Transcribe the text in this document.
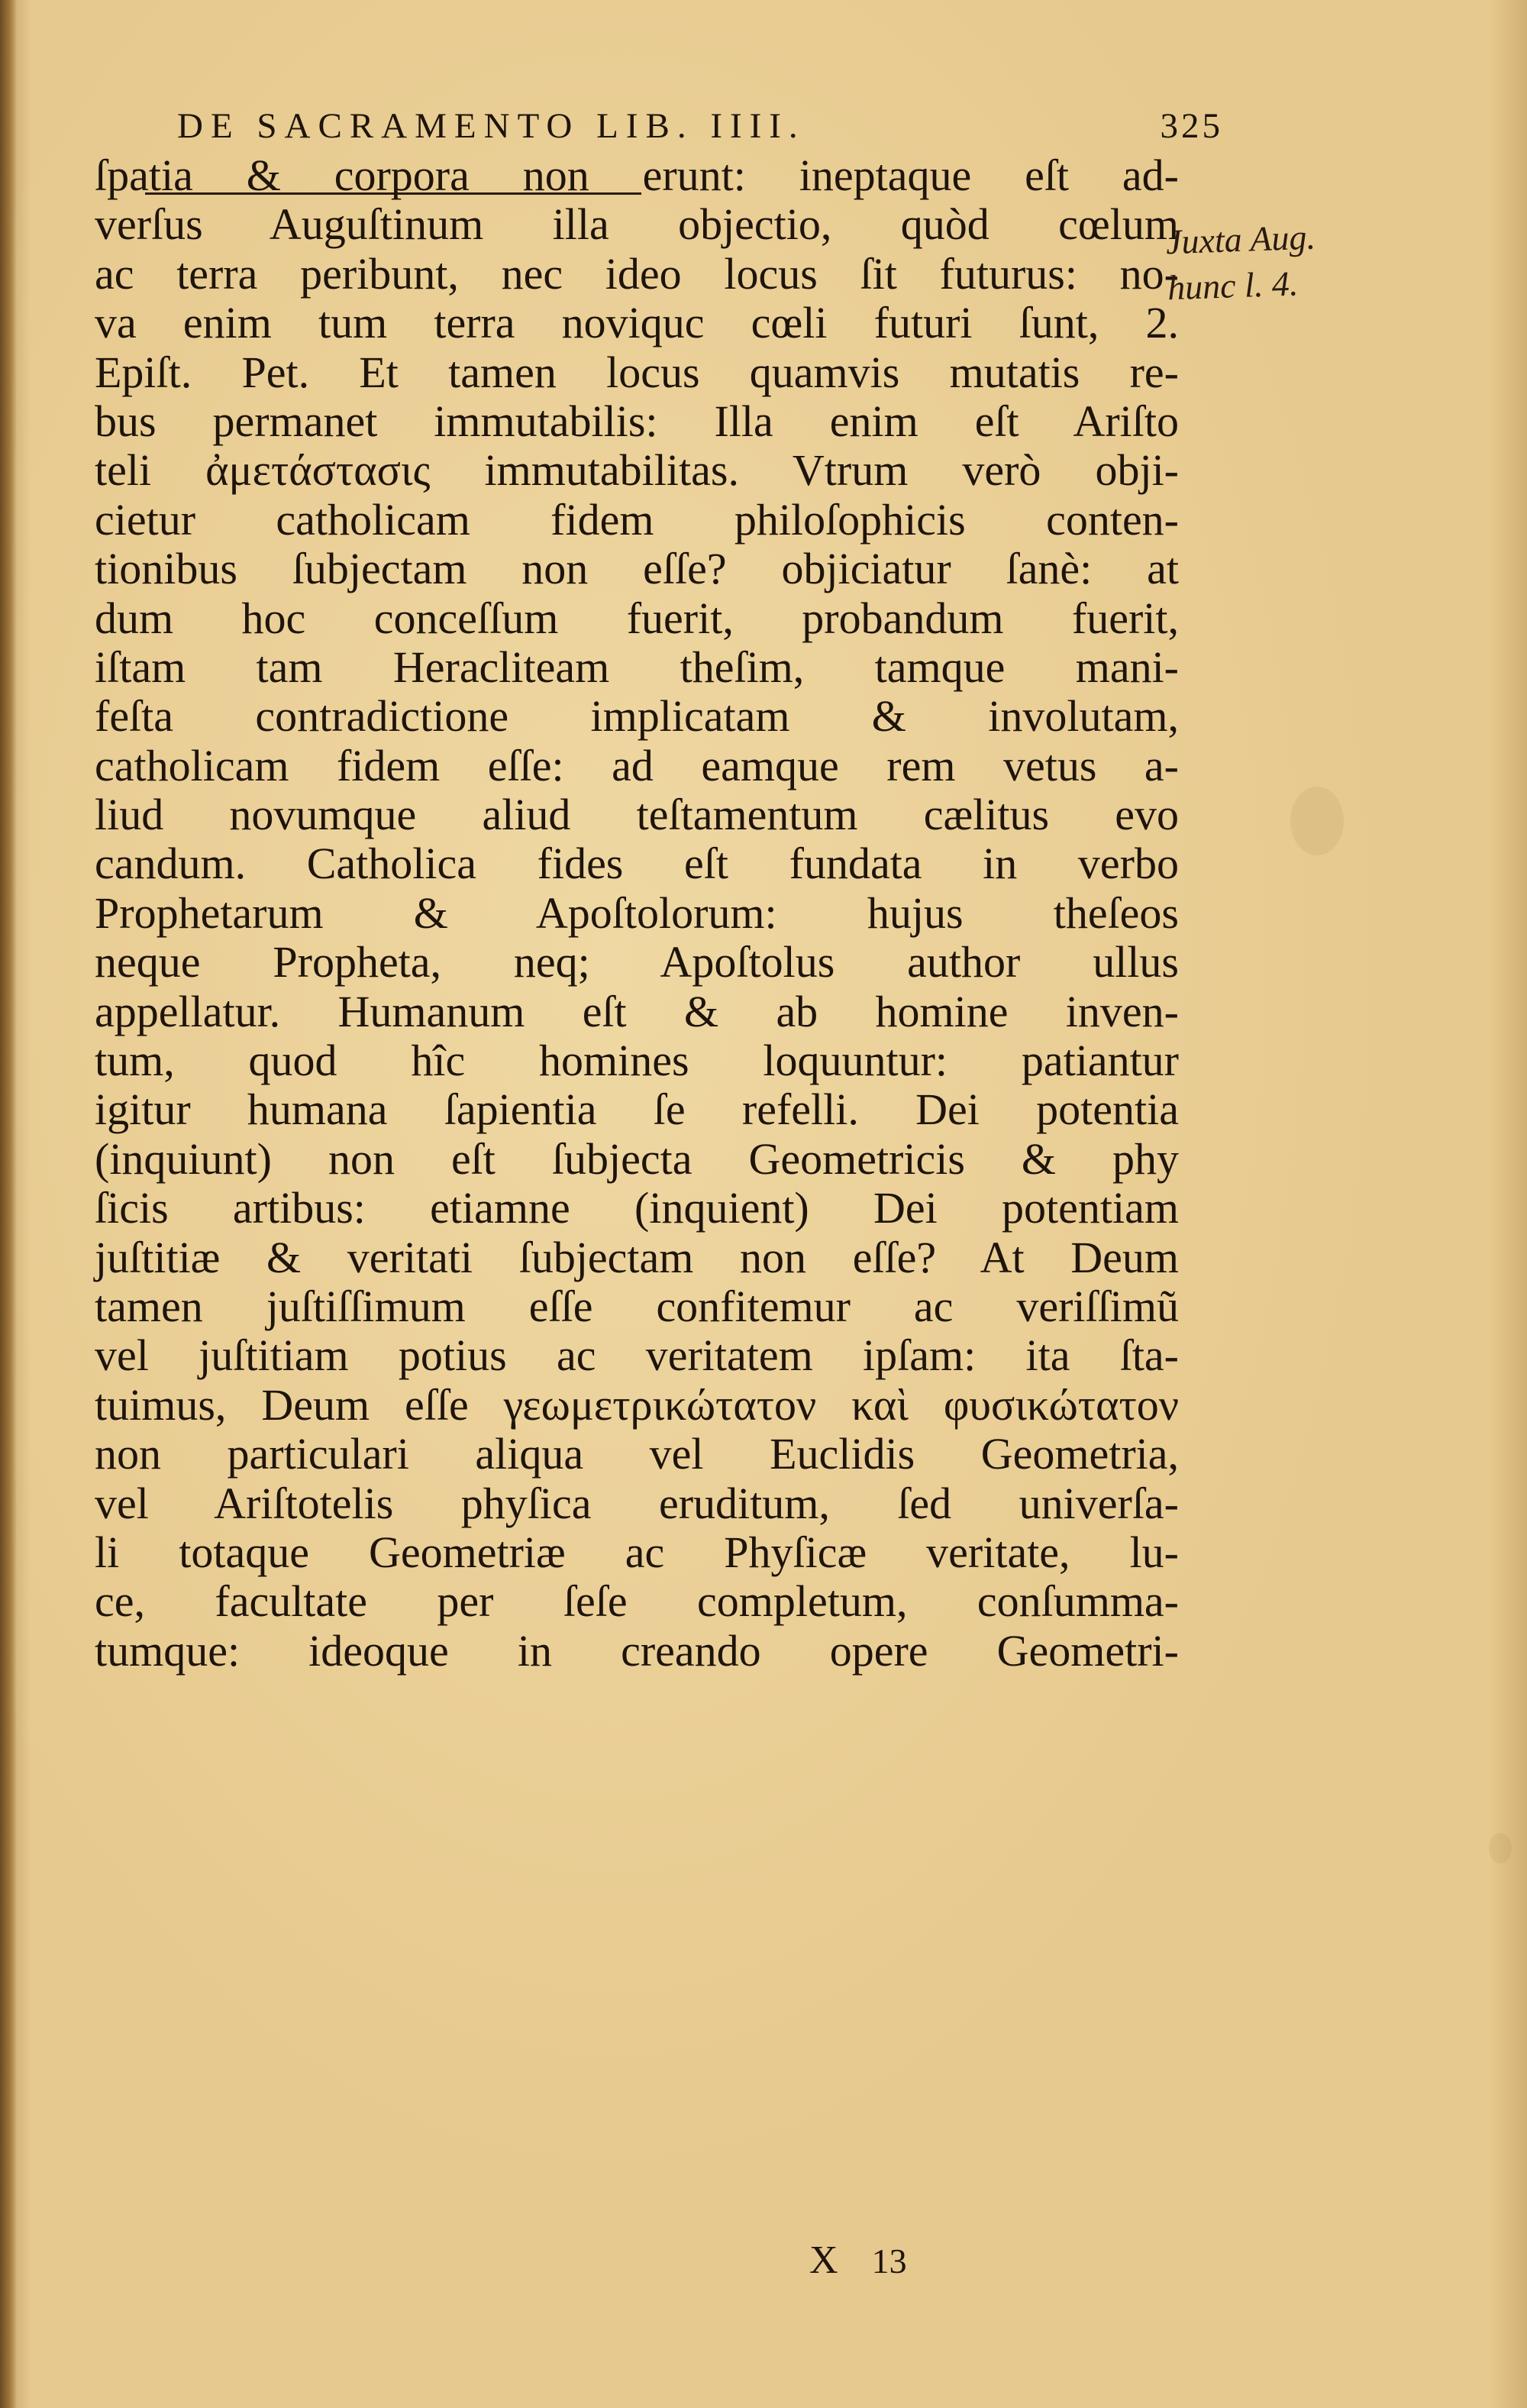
DE SACRAMENTO LIB. IIII.	325
ſpatia & corpora non erunt: ineptaque eſt ad-
verſus Auguſtinum illa objectio, quòd cœlum
ac terra peribunt, nec ideo locus ſit futurus: no-
va enim tum terra noviquc cœli futuri ſunt, 2.
Epiſt. Pet. Et tamen locus quamvis mutatis re-
bus permanet immutabilis: Illa enim eſt Ariſto
teli ἀμετάστασις immutabilitas. Vtrum verò obji-
cietur catholicam fidem philoſophicis conten-
tionibus ſubjectam non eſſe? objiciatur ſanè: at
dum hoc conceſſum fuerit, probandum fuerit,
iſtam tam Heracliteam theſim, tamque mani-
feſta contradictione implicatam & involutam,
catholicam fidem eſſe: ad eamque rem vetus a-
liud novumque aliud teſtamentum cælitus evo
candum. Catholica fides eſt fundata in verbo
Prophetarum & Apoſtolorum: hujus theſeos
neque Propheta, neq; Apoſtolus author ullus
appellatur. Humanum eſt & ab homine inven-
tum, quod hîc homines loquuntur: patiantur
igitur humana ſapientia ſe refelli. Dei potentia
(inquiunt) non eſt ſubjecta Geometricis & phy
ſicis artibus: etiamne (inquient) Dei potentiam
juſtitiæ & veritati ſubjectam non eſſe? At Deum
tamen juſtiſſimum eſſe confitemur ac veriſſimũ
vel juſtitiam potius ac veritatem ipſam: ita ſta-
tuimus, Deum eſſe γεωμετρικώτατον καὶ φυσικώτατον
non particulari aliqua vel Euclidis Geometria,
vel Ariſtotelis phyſica eruditum, ſed univerſa-
li totaque Geometriæ ac Phyſicæ veritate, lu-
ce, facultate per ſeſe completum, conſumma-
tumque: ideoque in creando opere Geometri-
Juxta Aug.
hunc l. 4.
X 13
